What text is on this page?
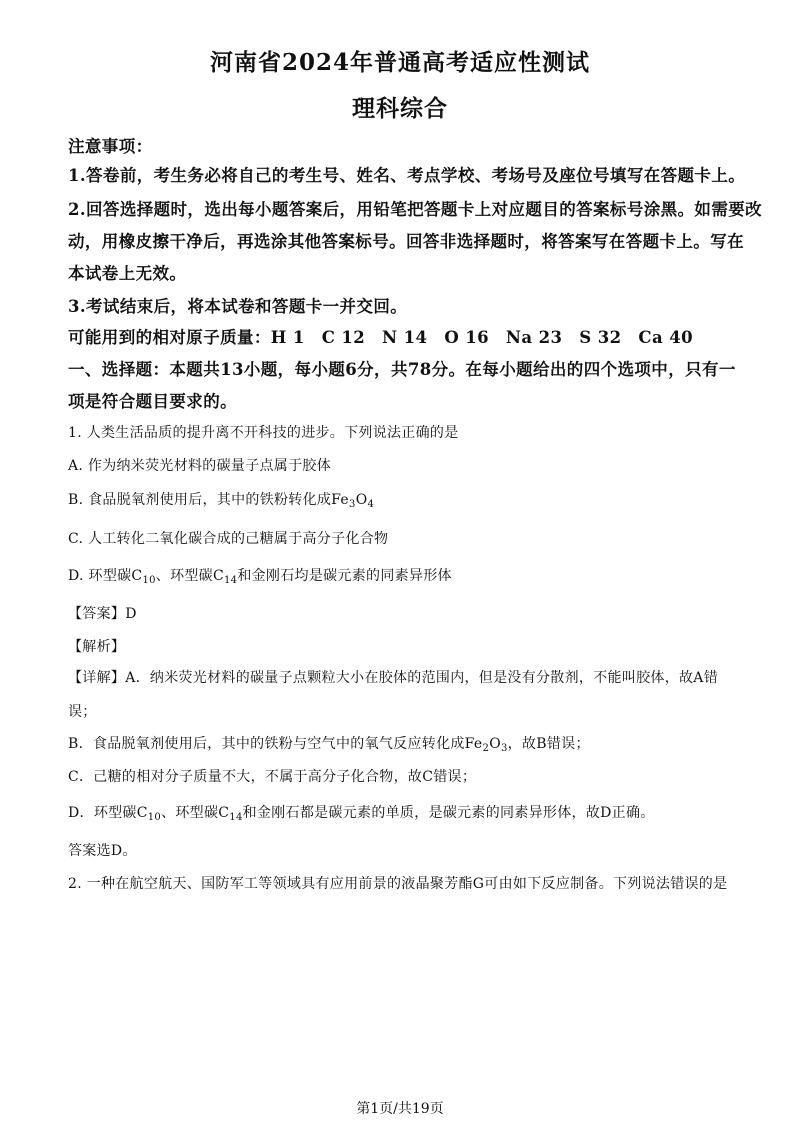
河南省2024年普通高考适应性测试
理科综合
注意事项：
1.答卷前，考生务必将自己的考生号、姓名、考点学校、考场号及座位号填写在答题卡上。
2.回答选择题时，选出每小题答案后，用铅笔把答题卡上对应题目的答案标号涂黑。如需要改
动，用橡皮擦干净后，再选涂其他答案标号。回答非选择题时，将答案写在答题卡上。写在
本试卷上无效。
3.考试结束后，将本试卷和答题卡一并交回。
可能用到的相对原子质量：H 1　C 12　N 14　O 16　Na 23　S 32　Ca 40
一、选择题：本题共13小题，每小题6分，共78分。在每小题给出的四个选项中，只有一
项是符合题目要求的。
1. 人类生活品质的提升离不开科技的进步。下列说法正确的是
A. 作为纳米荧光材料的碳量子点属于胶体
B. 食品脱氧剂使用后，其中的铁粉转化成$Fe_3O_4$
C. 人工转化二氧化碳合成的己糖属于高分子化合物
D. 环型碳$C_{10}$、环型碳$C_{14}$和金刚石均是碳元素的同素异形体
【答案】D
【解析】
【详解】A．纳米荧光材料的碳量子点颗粒大小在胶体的范围内，但是没有分散剂，不能叫胶体，故A错
误；
B．食品脱氧剂使用后，其中的铁粉与空气中的氧气反应转化成$Fe_2O_3$，故B错误；
C．己糖的相对分子质量不大，不属于高分子化合物，故C错误；
D．环型碳$C_{10}$、环型碳$C_{14}$和金刚石都是碳元素的单质，是碳元素的同素异形体，故D正确。
答案选D。
2. 一种在航空航天、国防军工等领域具有应用前景的液晶聚芳酯G可由如下反应制备。下列说法错误的是
第1页/共19页
